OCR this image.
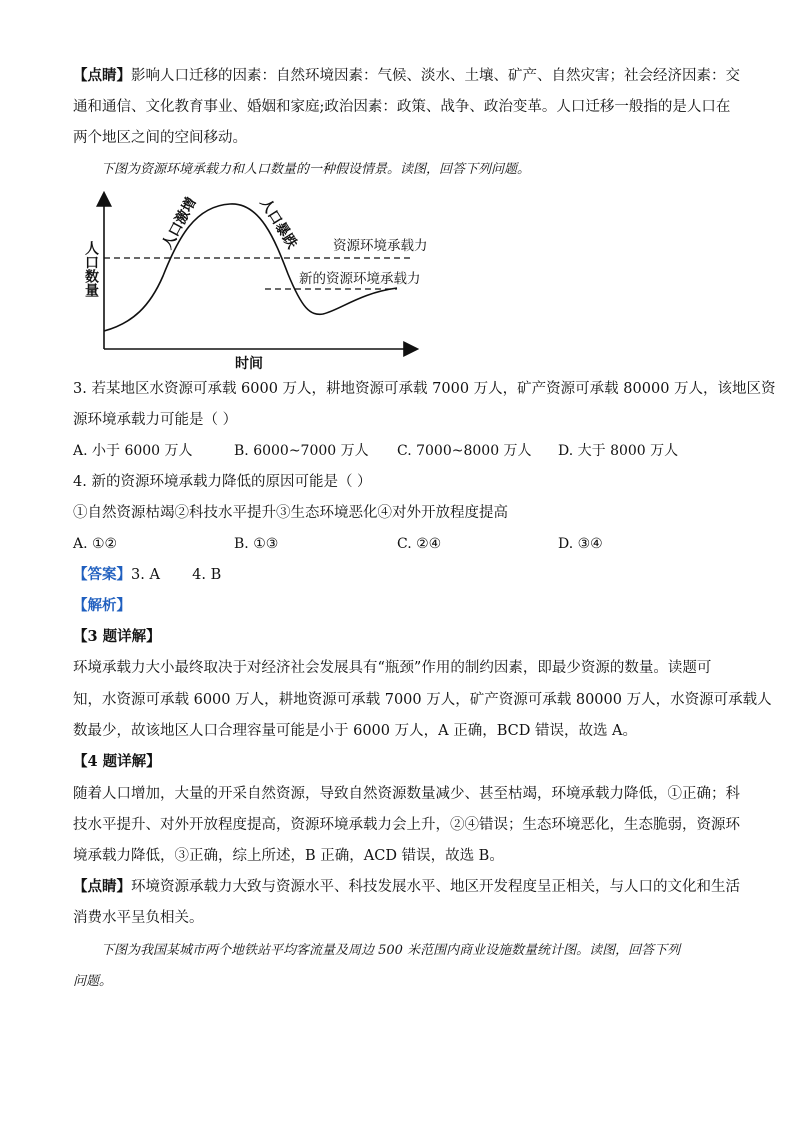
【点睛】影响人口迁移的因素：自然环境因素：气候、淡水、土壤、矿产、自然灾害；社会经济因素：交
通和通信、文化教育事业、婚姻和家庭;政治因素：政策、战争、政治变革。人口迁移一般指的是人口在
两个地区之间的空间移动。
下图为资源环境承载力和人口数量的一种假设情景。读图，回答下列问题。
人口数量
时间
人口激增	人口暴跌 资源环境承载力
新的资源环境承载力
3. 若某地区水资源可承载 6000 万人，耕地资源可承载 7000 万人，矿产资源可承载 80000 万人，该地区资
源环境承载力可能是（ ）
A. 小于 6000 万人	B. 6000~7000 万人 C. 7000~8000 万人 D. 大于 8000 万人
4. 新的资源环境承载力降低的原因可能是（ ）
①自然资源枯竭②科技水平提升③生态环境恶化④对外开放程度提高
A. ①②	B. ①③	C. ②④	D. ③④
【答案】3. A       4. B
【解析】
【3 题详解】
环境承载力大小最终取决于对经济社会发展具有“瓶颈”作用的制约因素，即最少资源的数量。读题可
知，水资源可承载 6000 万人，耕地资源可承载 7000 万人，矿产资源可承载 80000 万人，水资源可承载人
数最少，故该地区人口合理容量可能是小于 6000 万人，A 正确，BCD 错误，故选 A。
【4 题详解】
随着人口增加，大量的开采自然资源，导致自然资源数量减少、甚至枯竭，环境承载力降低，①正确；科
技水平提升、对外开放程度提高，资源环境承载力会上升，②④错误；生态环境恶化，生态脆弱，资源环
境承载力降低，③正确，综上所述，B 正确，ACD 错误，故选 B。
【点睛】环境资源承载力大致与资源水平、科技发展水平、地区开发程度呈正相关，与人口的文化和生活
消费水平呈负相关。
下图为我国某城市两个地铁站平均客流量及周边 500 米范围内商业设施数量统计图。读图，回答下列
问题。
